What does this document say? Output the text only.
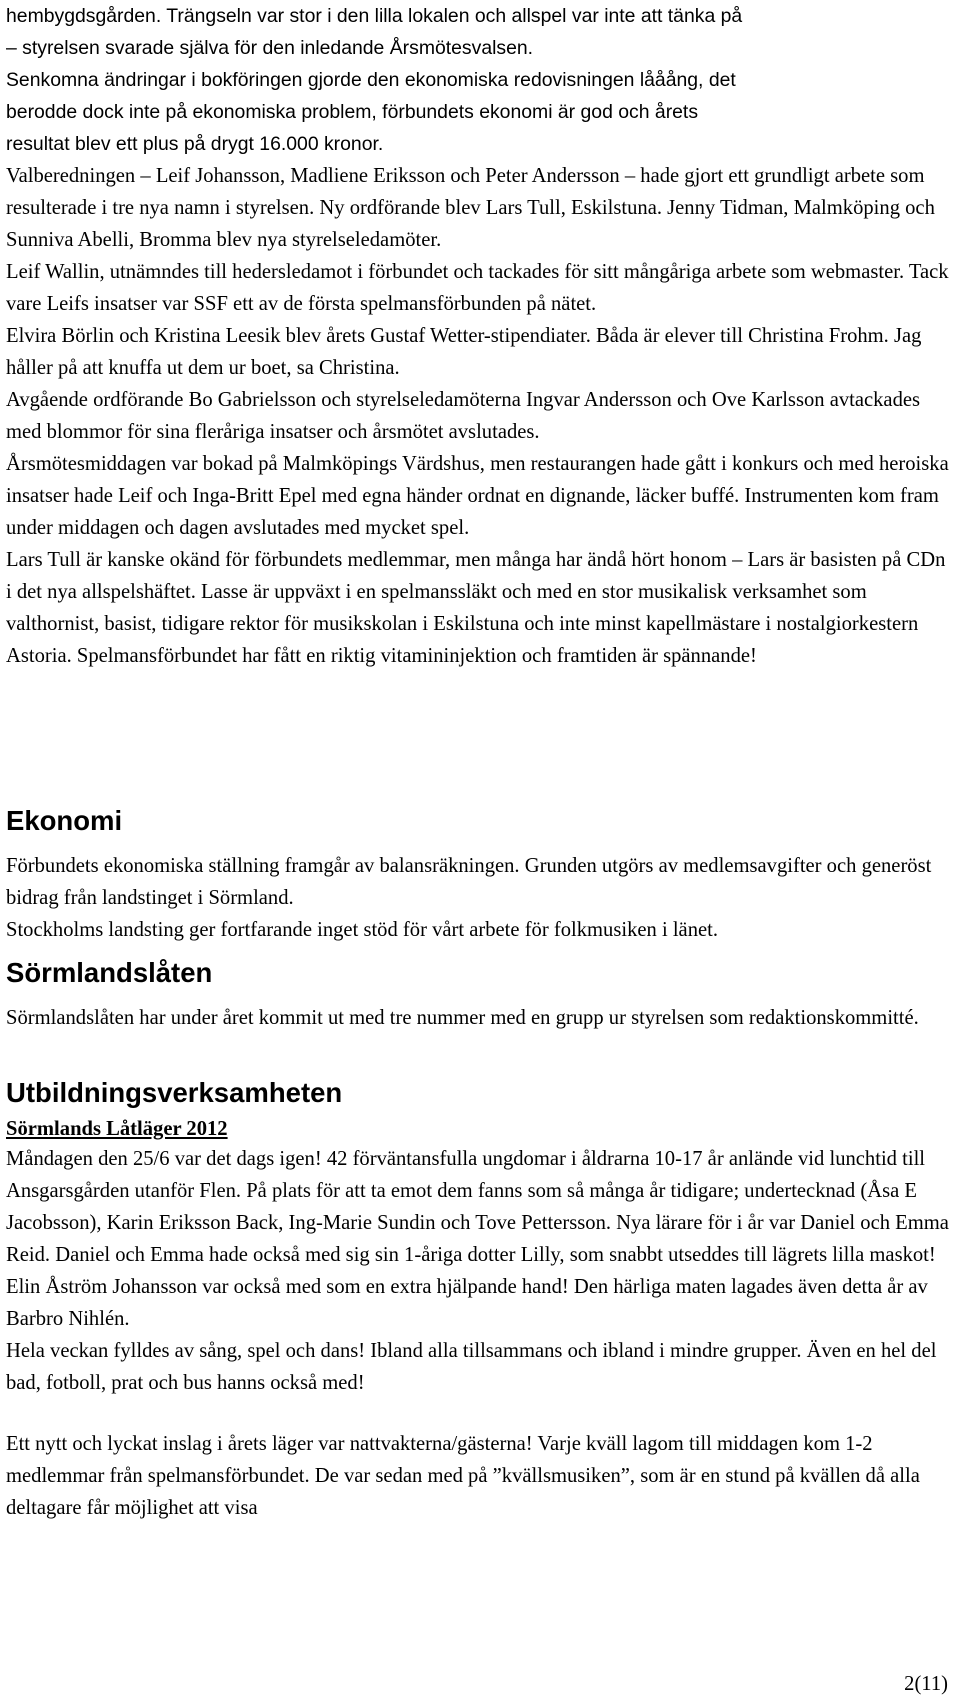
hembygdsgården. Trängseln var stor i den lilla lokalen och allspel var inte att tänka på

– styrelsen svarade själva för den inledande Årsmötesvalsen.

Senkomna ändringar i bokföringen gjorde den ekonomiska redovisningen lååång, det

berodde dock inte på ekonomiska problem, förbundets ekonomi är god och årets

resultat blev ett plus på drygt 16.000 kronor.

Valberedningen – Leif Johansson, Madliene Eriksson och Peter Andersson – hade gjort ett grundligt arbete som resulterade i tre nya namn i styrelsen. Ny ordförande blev Lars Tull, Eskilstuna. Jenny Tidman, Malmköping och Sunniva Abelli, Bromma blev nya styrelseledamöter.

Leif Wallin, utnämndes till hedersledamot i förbundet och tackades för sitt mångåriga arbete som webmaster. Tack vare Leifs insatser var SSF ett av de första spelmansförbunden på nätet.

Elvira Börlin och Kristina Leesik blev årets Gustaf Wetter-stipendiater. Båda är elever till Christina Frohm. Jag håller på att knuffa ut dem ur boet, sa Christina.

Avgående ordförande Bo Gabrielsson och styrelseledamöterna Ingvar Andersson och Ove Karlsson avtackades med blommor för sina fleråriga insatser och årsmötet avslutades.

Årsmötesmiddagen var bokad på Malmköpings Värdshus, men restaurangen hade gått i konkurs och med heroiska insatser hade Leif och Inga-Britt Epel med egna händer ordnat en dignande, läcker buffé. Instrumenten kom fram under middagen och dagen avslutades med mycket spel.

Lars Tull är kanske okänd för förbundets medlemmar, men många har ändå hört honom – Lars är basisten på CDn i det nya allspelshäftet. Lasse är uppväxt i en spelmanssläkt och med en stor musikalisk verksamhet som valthornist, basist, tidigare rektor för musikskolan i Eskilstuna och inte minst kapellmästare i nostalgiorkestern Astoria. Spelmansförbundet har fått en riktig vitamininjektion och framtiden är spännande!

Ekonomi

Förbundets ekonomiska ställning framgår av balansräkningen. Grunden utgörs av medlemsavgifter och generöst bidrag från landstinget i Sörmland.

Stockholms landsting ger fortfarande inget stöd för vårt arbete för folkmusiken i länet.

Sörmlandslåten

Sörmlandslåten har under året kommit ut med tre nummer med en grupp ur styrelsen som redaktionskommitté.

Utbildningsverksamheten
Sörmlands Låtläger 2012

Måndagen den 25/6 var det dags igen! 42 förväntansfulla ungdomar i åldrarna 10-17 år anlände vid lunchtid till Ansgarsgården utanför Flen. På plats för att ta emot dem fanns som så många år tidigare; undertecknad (Åsa E Jacobsson), Karin Eriksson Back, Ing-Marie Sundin och Tove Pettersson. Nya lärare för i år var Daniel och Emma Reid. Daniel och Emma hade också med sig sin 1-åriga dotter Lilly, som snabbt utseddes till lägrets lilla maskot! Elin Åström Johansson var också med som en extra hjälpande hand! Den härliga maten lagades även detta år av Barbro Nihlén.

Hela veckan fylldes av sång, spel och dans! Ibland alla tillsammans och ibland i mindre grupper. Även en hel del bad, fotboll, prat och bus hanns också med!

Ett nytt och lyckat inslag i årets läger var nattvakterna/gästerna! Varje kväll lagom till middagen kom 1-2 medlemmar från spelmansförbundet. De var sedan med på ”kvällsmusiken”, som är en stund på kvällen då alla deltagare får möjlighet att visa

2(11)
